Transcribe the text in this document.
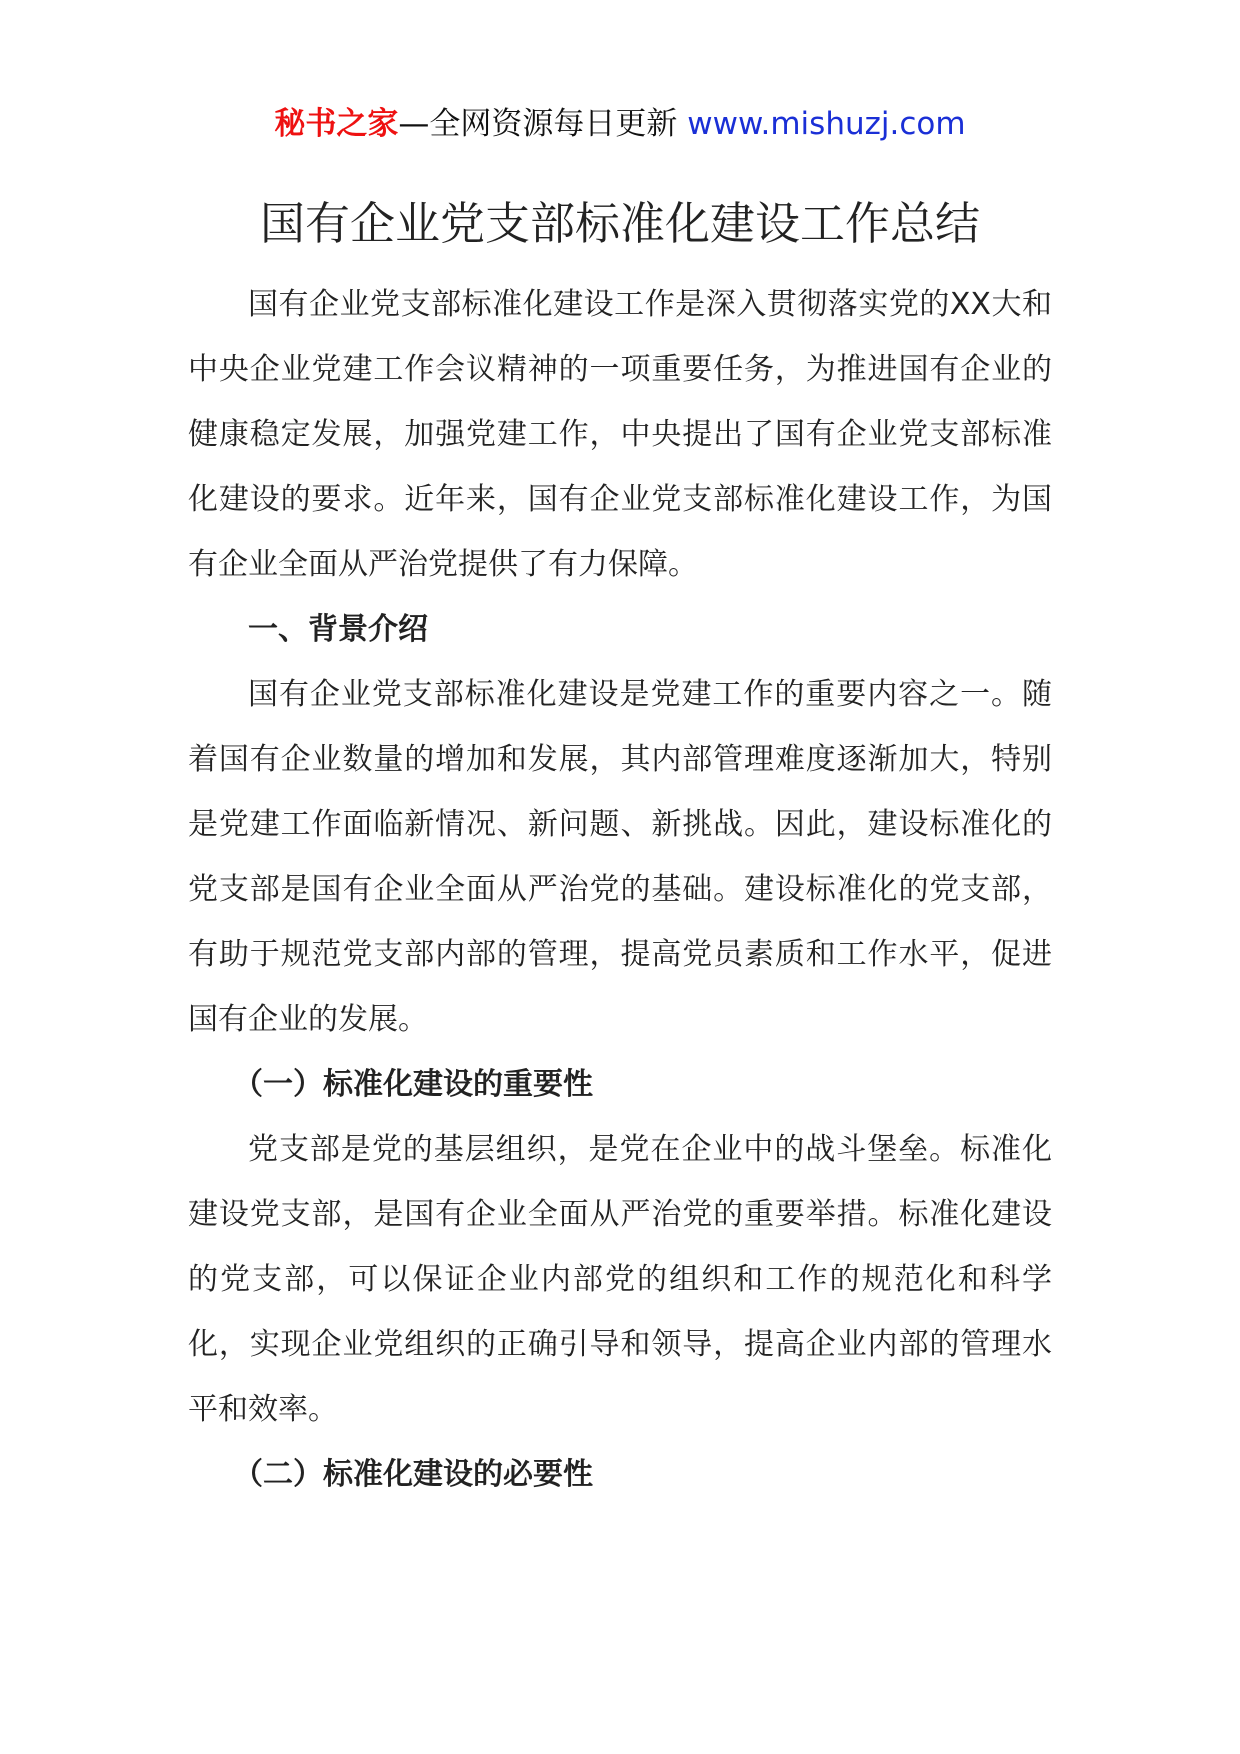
秘书之家—全网资源每日更新 www.mishuzj.com
国有企业党支部标准化建设工作总结

国有企业党支部标准化建设工作是深入贯彻落实党的XX大和中央企业党建工作会议精神的一项重要任务，为推进国有企业的健康稳定发展，加强党建工作，中央提出了国有企业党支部标准化建设的要求。近年来，国有企业党支部标准化建设工作，为国有企业全面从严治党提供了有力保障。

一、背景介绍

国有企业党支部标准化建设是党建工作的重要内容之一。随着国有企业数量的增加和发展，其内部管理难度逐渐加大，特别是党建工作面临新情况、新问题、新挑战。因此，建设标准化的党支部是国有企业全面从严治党的基础。建设标准化的党支部，有助于规范党支部内部的管理，提高党员素质和工作水平，促进国有企业的发展。

（一）标准化建设的重要性

党支部是党的基层组织，是党在企业中的战斗堡垒。标准化建设党支部，是国有企业全面从严治党的重要举措。标准化建设的党支部，可以保证企业内部党的组织和工作的规范化和科学化，实现企业党组织的正确引导和领导，提高企业内部的管理水平和效率。

（二）标准化建设的必要性
